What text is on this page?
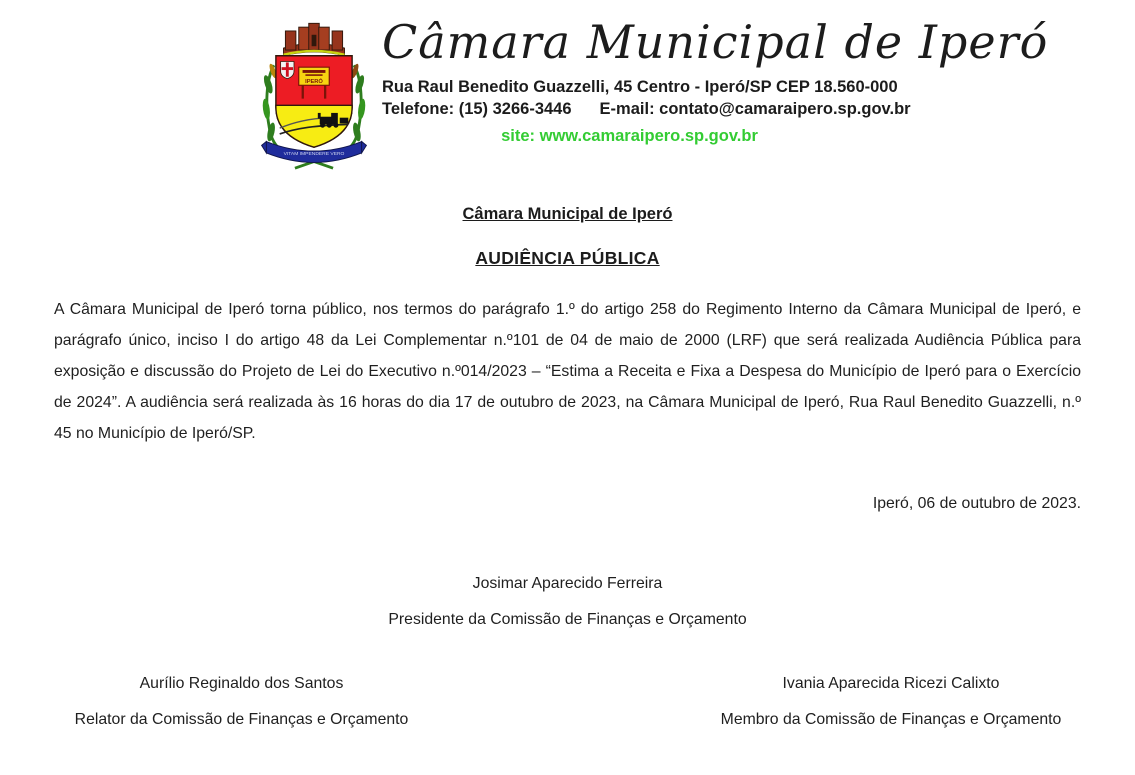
IPERÓ
VITAM IMPENDERE VERO
Câmara Municipal de Iperó
Rua Raul Benedito Guazzelli, 45 Centro - Iperó/SP CEP 18.560-000
Telefone: (15) 3266-3446 E-mail: contato@camaraipero.sp.gov.br
site: www.camaraipero.sp.gov.br
Câmara Municipal de Iperó
AUDIÊNCIA PÚBLICA

A Câmara Municipal de Iperó torna público, nos termos do parágrafo 1.º do artigo 258 do Regimento Interno da Câmara Municipal de Iperó, e parágrafo único, inciso I do artigo 48 da Lei Complementar n.º101 de 04 de maio de 2000 (LRF) que será realizada Audiência Pública para exposição e discussão do Projeto de Lei do Executivo n.º014/2023 – “Estima a Receita e Fixa a Despesa do Município de Iperó para o Exercício de 2024”. A audiência será realizada às 16 horas do dia 17 de outubro de 2023, na Câmara Municipal de Iperó, Rua Raul Benedito Guazzelli, n.º 45 no Município de Iperó/SP.

Iperó, 06 de outubro de 2023.
Josimar Aparecido Ferreira
Presidente da Comissão de Finanças e Orçamento
Aurílio Reginaldo dos Santos
Relator da Comissão de Finanças e Orçamento
Ivania Aparecida Ricezi Calixto
Membro da Comissão de Finanças e Orçamento
